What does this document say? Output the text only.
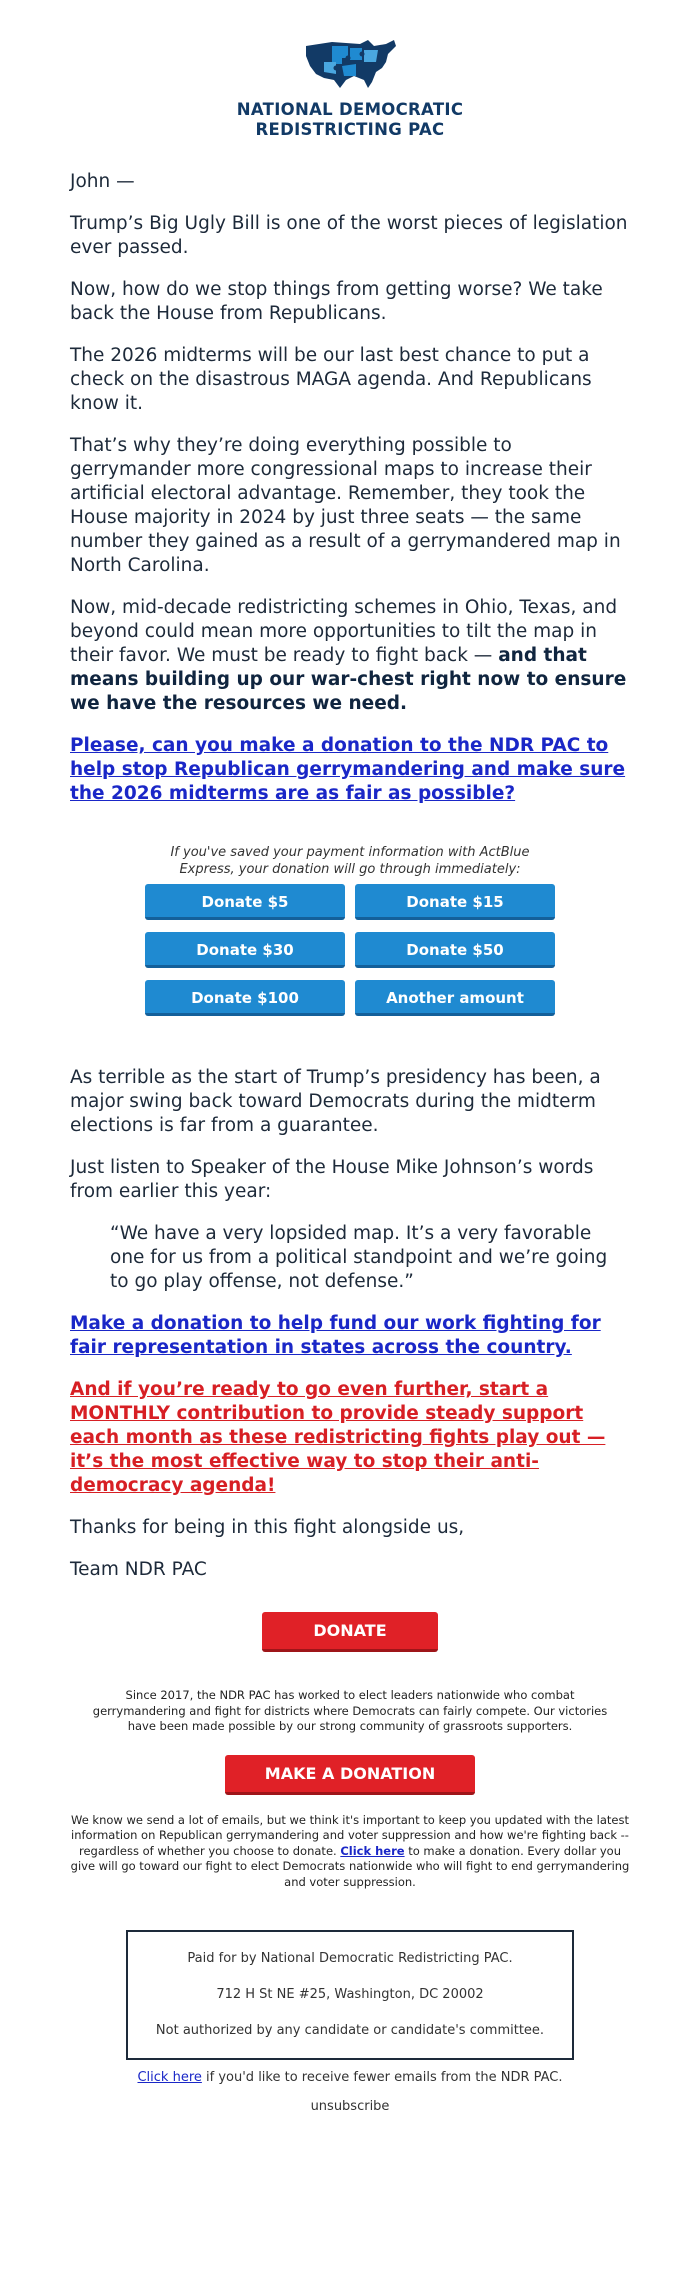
NATIONAL DEMOCRATIC
REDISTRICTING PAC

John —

Trump’s Big Ugly Bill is one of the worst pieces of legislation ever passed.

Now, how do we stop things from getting worse? We take back the House from Republicans.

The 2026 midterms will be our last best chance to put a check on the disastrous MAGA agenda. And Republicans know it.

That’s why they’re doing everything possible to gerrymander more congressional maps to increase their artificial electoral advantage. Remember, they took the House majority in 2024 by just three seats — the same number they gained as a result of a gerrymandered map in North Carolina.

Now, mid-decade redistricting schemes in Ohio, Texas, and beyond could mean more opportunities to tilt the map in their favor. We must be ready to fight back — and that means building up our war-chest right now to ensure we have the resources we need.

Please, can you make a donation to the NDR PAC to help stop Republican gerrymandering and make sure the 2026 midterms are as fair as possible?

If you've saved your payment information with ActBlue Express, your donation will go through immediately:
Donate $5	Donate $15
Donate $30	Donate $50
Donate $100	Another amount

As terrible as the start of Trump’s presidency has been, a major swing back toward Democrats during the midterm elections is far from a guarantee.

Just listen to Speaker of the House Mike Johnson’s words from earlier this year:

“We have a very lopsided map. It’s a very favorable one for us from a political standpoint and we’re going to go play offense, not defense.”

Make a donation to help fund our work fighting for fair representation in states across the country.

And if you’re ready to go even further, start a MONTHLY contribution to provide steady support each month as these redistricting fights play out — it’s the most effective way to stop their anti-democracy agenda!

Thanks for being in this fight alongside us,

Team NDR PAC

DONATE

Since 2017, the NDR PAC has worked to elect leaders nationwide who combat gerrymandering and fight for districts where Democrats can fairly compete. Our victories have been made possible by our strong community of grassroots supporters.

MAKE A DONATION

We know we send a lot of emails, but we think it's important to keep you updated with the latest information on Republican gerrymandering and voter suppression and how we're fighting back -- regardless of whether you choose to donate. Click here to make a donation. Every dollar you give will go toward our fight to elect Democrats nationwide who will fight to end gerrymandering and voter suppression.

Paid for by National Democratic Redistricting PAC.

712 H St NE #25, Washington, DC 20002

Not authorized by any candidate or candidate's committee.

Click here if you'd like to receive fewer emails from the NDR PAC.

unsubscribe
